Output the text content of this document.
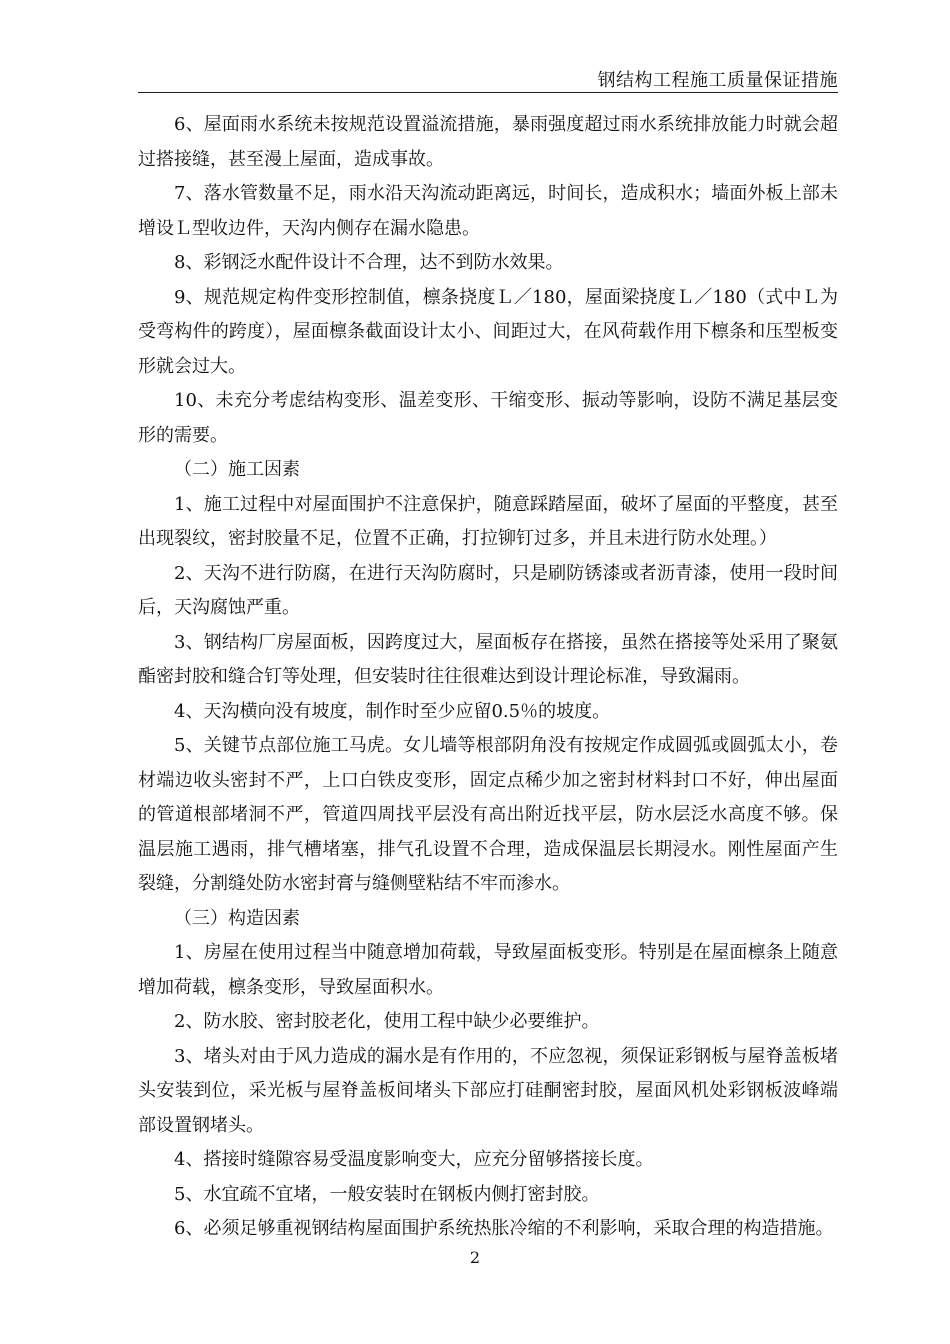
钢结构工程施工质量保证措施

6、屋面雨水系统未按规范设置溢流措施，暴雨强度超过雨水系统排放能力时就会超过搭接缝，甚至漫上屋面，造成事故。

7、落水管数量不足，雨水沿天沟流动距离远，时间长，造成积水；墙面外板上部未增设Ｌ型收边件，天沟内侧存在漏水隐患。

8、彩钢泛水配件设计不合理，达不到防水效果。

9、规范规定构件变形控制值，檩条挠度Ｌ／180，屋面梁挠度Ｌ／180（式中Ｌ为受弯构件的跨度），屋面檩条截面设计太小、间距过大，在风荷载作用下檩条和压型板变形就会过大。

10、未充分考虑结构变形、温差变形、干缩变形、振动等影响，设防不满足基层变形的需要。

（二）施工因素

1、施工过程中对屋面围护不注意保护，随意踩踏屋面，破坏了屋面的平整度，甚至出现裂纹，密封胶量不足，位置不正确，打拉铆钉过多，并且未进行防水处理。）

2、天沟不进行防腐，在进行天沟防腐时，只是刷防锈漆或者沥青漆，使用一段时间后，天沟腐蚀严重。

3、钢结构厂房屋面板，因跨度过大，屋面板存在搭接，虽然在搭接等处采用了聚氨酯密封胶和缝合钉等处理，但安装时往往很难达到设计理论标准，导致漏雨。

4、天沟横向没有坡度，制作时至少应留0.5％的坡度。

5、关键节点部位施工马虎。女儿墙等根部阴角没有按规定作成圆弧或圆弧太小，卷材端边收头密封不严，上口白铁皮变形，固定点稀少加之密封材料封口不好，伸出屋面的管道根部堵洞不严，管道四周找平层没有高出附近找平层，防水层泛水高度不够。保温层施工遇雨，排气槽堵塞，排气孔设置不合理，造成保温层长期浸水。刚性屋面产生裂缝，分割缝处防水密封膏与缝侧壁粘结不牢而渗水。

（三）构造因素

1、房屋在使用过程当中随意增加荷载，导致屋面板变形。特别是在屋面檩条上随意增加荷载，檩条变形，导致屋面积水。

2、防水胶、密封胶老化，使用工程中缺少必要维护。

3、堵头对由于风力造成的漏水是有作用的，不应忽视，须保证彩钢板与屋脊盖板堵头安装到位，采光板与屋脊盖板间堵头下部应打硅酮密封胶，屋面风机处彩钢板波峰端部设置钢堵头。

4、搭接时缝隙容易受温度影响变大，应充分留够搭接长度。

5、水宜疏不宜堵，一般安装时在钢板内侧打密封胶。

6、必须足够重视钢结构屋面围护系统热胀冷缩的不利影响，采取合理的构造措施。

2
